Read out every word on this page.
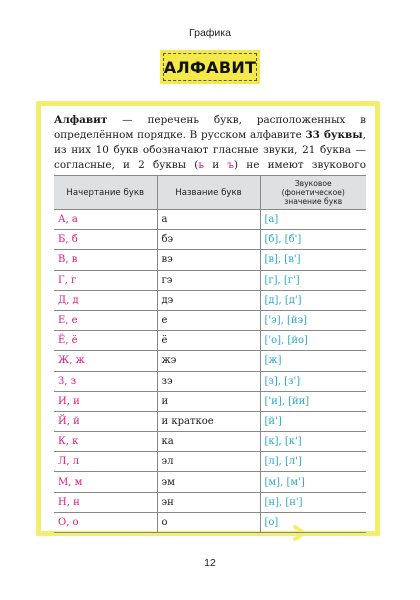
Графика
АЛФАВИТ

Алфавит — перечень букв, расположенных в определённом порядке. В русском алфавите 33 буквы, из них 10 букв обозначают гласные звуки, 21 буква — согласные, и 2 буквы (ь и ъ) не имеют звукового

Начертание букв	Название букв	Звуковое (фонетическое) значение букв
А, а	а	[а]
Б, б	бэ	[б], [б']
В, в	вэ	[в], [в']
Г, г	гэ	[г], [г']
Д, д	дэ	[д], [д']
Е, е	е	['э], [йэ]
Ё, ё	ё	['о], [йо]
Ж, ж	жэ	[ж]
З, з	зэ	[з], [з']
И, и	и	['и], [йи]
Й, й	и краткое	[й']
К, к	ка	[к], [к']
Л, л	эл	[л], [л']
М, м	эм	[м], [м']
Н, н	эн	[н], [н']
О, о	о	[о]
12
